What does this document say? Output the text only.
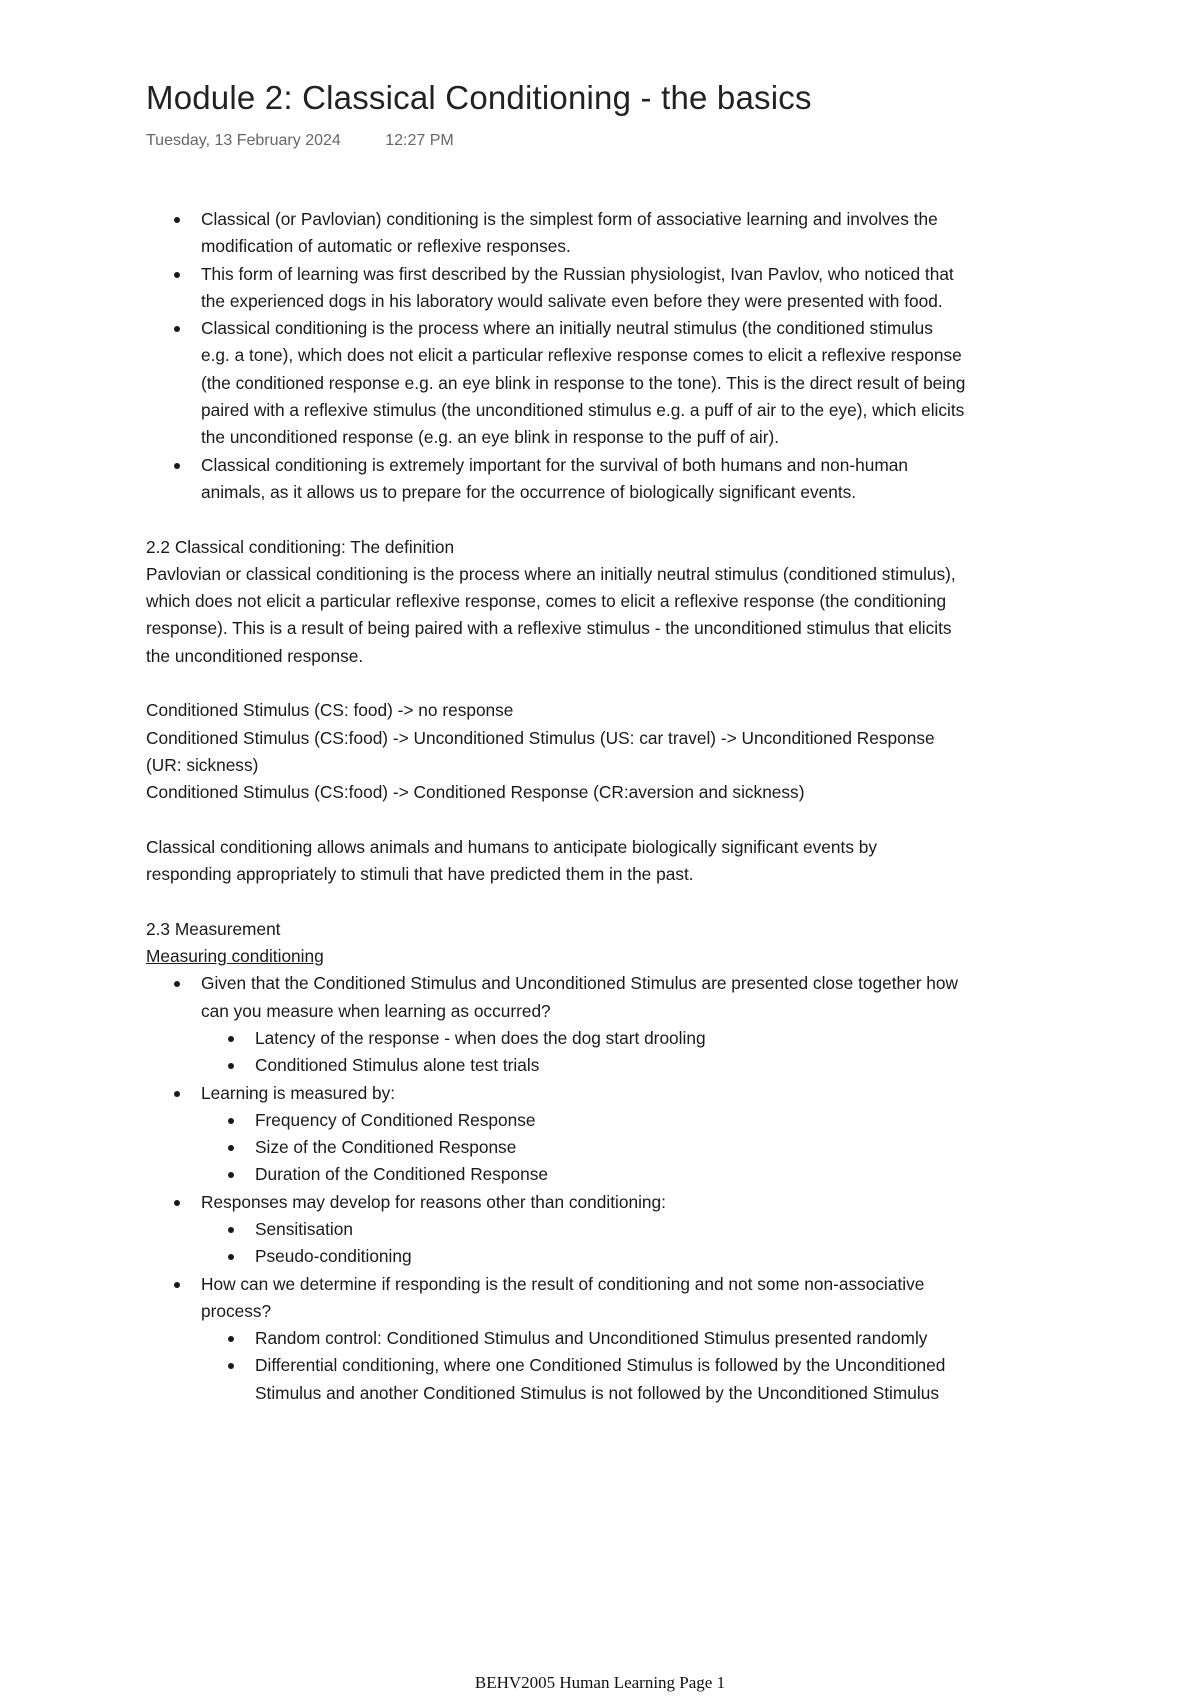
Module 2: Classical Conditioning - the basics
Tuesday, 13 February 2024	12:27 PM
Classical (or Pavlovian) conditioning is the simplest form of associative learning and involves the modification of automatic or reflexive responses.
This form of learning was first described by the Russian physiologist, Ivan Pavlov, who noticed that the experienced dogs in his laboratory would salivate even before they were presented with food.
Classical conditioning is the process where an initially neutral stimulus (the conditioned stimulus e.g. a tone), which does not elicit a particular reflexive response comes to elicit a reflexive response (the conditioned response e.g. an eye blink in response to the tone). This is the direct result of being paired with a reflexive stimulus (the unconditioned stimulus e.g. a puff of air to the eye), which elicits the unconditioned response (e.g. an eye blink in response to the puff of air).
Classical conditioning is extremely important for the survival of both humans and non-human animals, as it allows us to prepare for the occurrence of biologically significant events.

2.2 Classical conditioning: The definition

Pavlovian or classical conditioning is the process where an initially neutral stimulus (conditioned stimulus), which does not elicit a particular reflexive response, comes to elicit a reflexive response (the conditioning response). This is a result of being paired with a reflexive stimulus - the unconditioned stimulus that elicits the unconditioned response.

Conditioned Stimulus (CS: food) -> no response

Conditioned Stimulus (CS:food) -> Unconditioned Stimulus (US: car travel) -> Unconditioned Response (UR: sickness)

Conditioned Stimulus (CS:food) -> Conditioned Response (CR:aversion and sickness)

Classical conditioning allows animals and humans to anticipate biologically significant events by responding appropriately to stimuli that have predicted them in the past.

2.3 Measurement

Measuring conditioning

Given that the Conditioned Stimulus and Unconditioned Stimulus are presented close together how can you measure when learning as occurred?
Latency of the response - when does the dog start drooling
Conditioned Stimulus alone test trials
Learning is measured by:
Frequency of Conditioned Response
Size of the Conditioned Response
Duration of the Conditioned Response
Responses may develop for reasons other than conditioning:
Sensitisation
Pseudo-conditioning
How can we determine if responding is the result of conditioning and not some non-associative process?
Random control: Conditioned Stimulus and Unconditioned Stimulus presented randomly
Differential conditioning, where one Conditioned Stimulus is followed by the Unconditioned Stimulus and another Conditioned Stimulus is not followed by the Unconditioned Stimulus
BEHV2005 Human Learning Page 1
